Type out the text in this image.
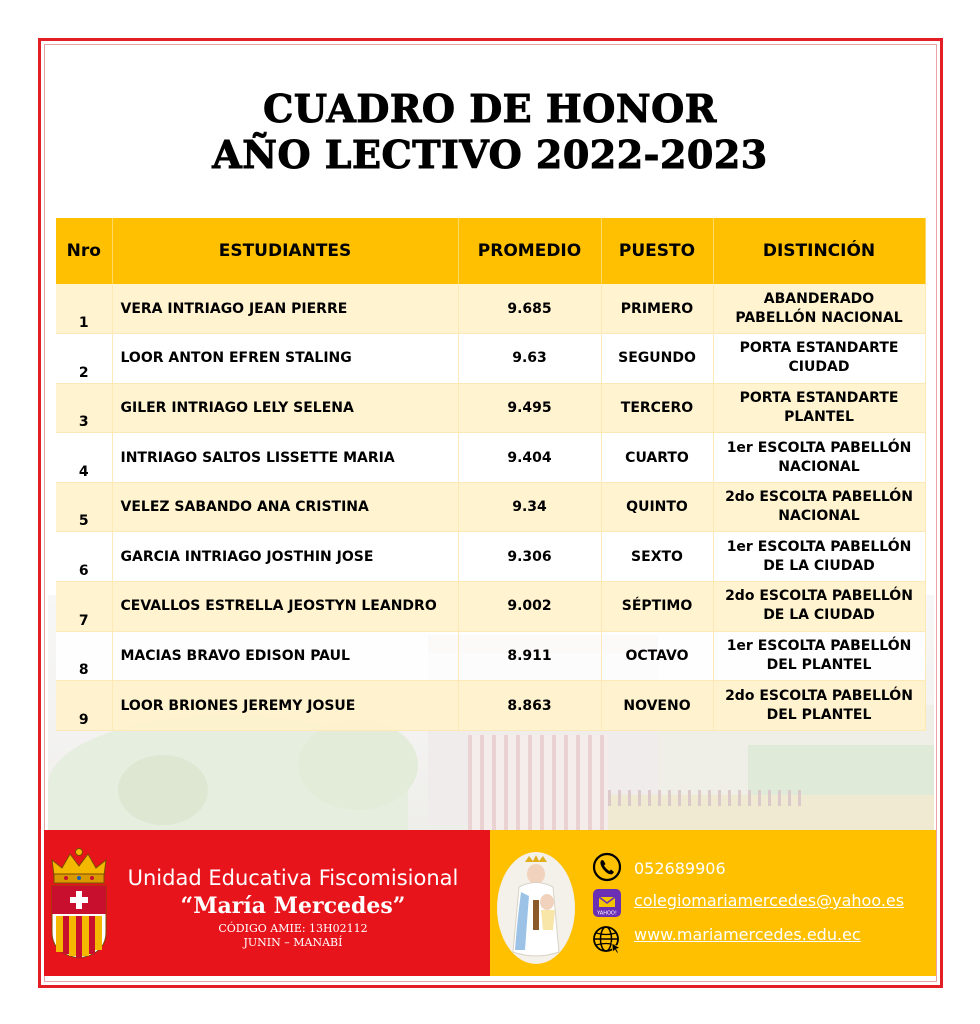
CUADRO DE HONOR
AÑO LECTIVO 2022-2023
Nro	ESTUDIANTES	PROMEDIO	PUESTO	DISTINCIÓN
1	VERA INTRIAGO JEAN PIERRE	9.685	PRIMERO	ABANDERADO
PABELLÓN NACIONAL
2	LOOR ANTON EFREN STALING	9.63	SEGUNDO	PORTA ESTANDARTE
CIUDAD
3	GILER INTRIAGO LELY SELENA	9.495	TERCERO	PORTA ESTANDARTE
PLANTEL
4	INTRIAGO SALTOS LISSETTE MARIA	9.404	CUARTO	1er ESCOLTA PABELLÓN
NACIONAL
5	VELEZ SABANDO ANA CRISTINA	9.34	QUINTO	2do ESCOLTA PABELLÓN
NACIONAL
6	GARCIA INTRIAGO JOSTHIN JOSE	9.306	SEXTO	1er ESCOLTA PABELLÓN
DE LA CIUDAD
7	CEVALLOS ESTRELLA JEOSTYN LEANDRO	9.002	SÉPTIMO	2do ESCOLTA PABELLÓN
DE LA CIUDAD
8	MACIAS BRAVO EDISON PAUL	8.911	OCTAVO	1er ESCOLTA PABELLÓN
DEL PLANTEL
9	LOOR BRIONES JEREMY JOSUE	8.863	NOVENO	2do ESCOLTA PABELLÓN
DEL PLANTEL
Unidad Educativa Fiscomisional
“María Mercedes”
CÓDIGO AMIE: 13H02112
JUNIN – MANABÍ
052689906
YAHOO!
colegiomariamercedes@yahoo.es
www.mariamercedes.edu.ec
